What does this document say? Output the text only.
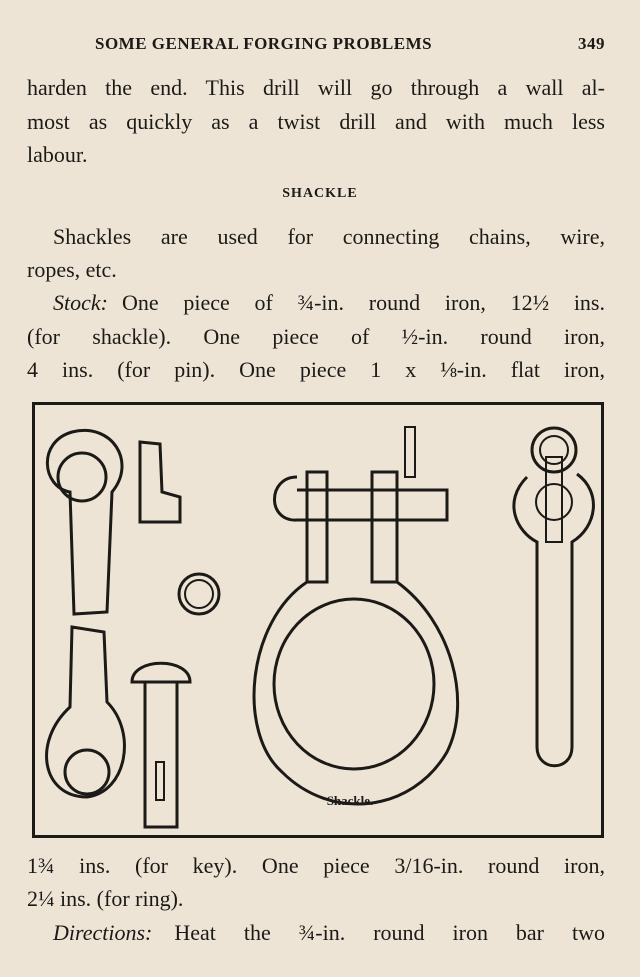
SOME GENERAL FORGING PROBLEMS	349
harden the end. This drill will go through a wall al-
most as quickly as a twist drill and with much less
labour.
SHACKLE
Shackles are used for connecting chains, wire,
ropes, etc.
Stock: One piece of ¾-in. round iron, 12½ ins.
(for shackle). One piece of ½-in. round iron,
4 ins. (for pin). One piece 1 x ⅛-in. flat iron,
Shackle.
1¾ ins. (for key). One piece 3/16-in. round iron,
2¼ ins. (for ring).
Directions: Heat the ¾-in. round iron bar two
